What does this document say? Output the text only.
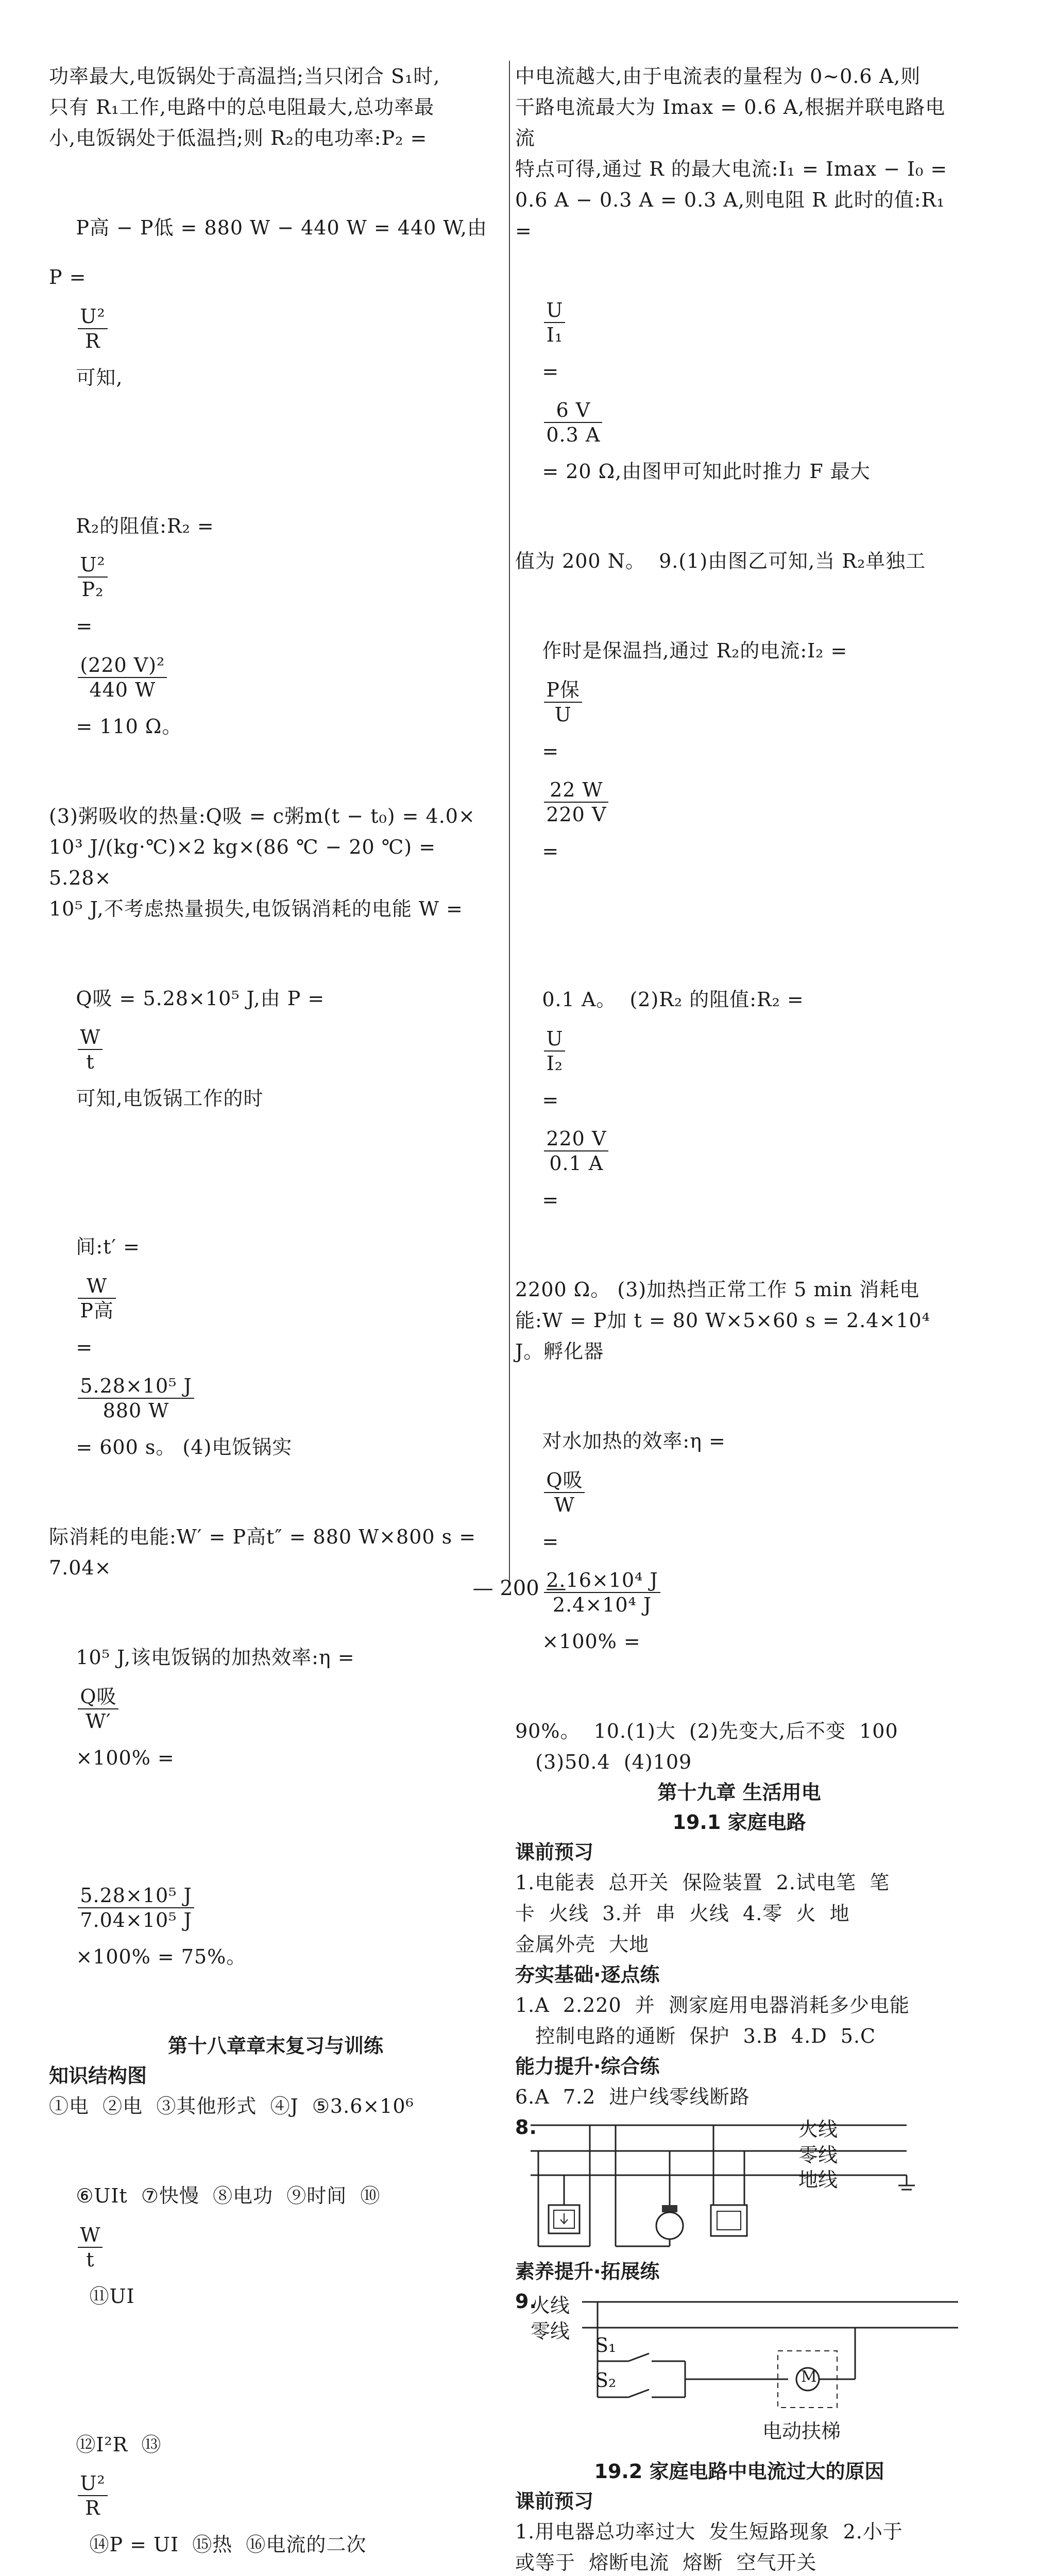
功率最大,电饭锅处于高温挡;当只闭合 S₁时,
只有 R₁工作,电路中的总电阻最大,总功率最
小,电饭锅处于低温挡;则 R₂的电功率:P₂ =

P高 − P低 = 880 W − 440 W = 440 W,由 P =

$\frac{\text{U²}}{R}$

可知,

R₂的阻值:R₂ =

$\frac{\text{U²}}{\text{P₂}}$

=

$\frac{\text{(220 V)²}}{440 W}$

= 110 Ω。

(3)粥吸收的热量:Q吸 = c粥m(t − t₀) = 4.0×
10³ J/(kg·℃)×2 kg×(86 ℃ − 20 ℃) = 5.28×
10⁵ J,不考虑热量损失,电饭锅消耗的电能 W =

Q吸 = 5.28×10⁵ J,由 P =

$\frac{W}{t}$

可知,电饭锅工作的时

间:t′ =

$\frac{W}{\text{P高}}$

=

$\frac{\text{5.28×10⁵ J}}{880 W}$

= 600 s。 (4)电饭锅实

际消耗的电能:W′ = P高t″ = 880 W×800 s = 7.04×

10⁵ J,该电饭锅的加热效率:η =

$\frac{\text{Q吸}}{W'}$

×100% =

$\frac{\text{5.28×10⁵ J}}{\text{7.04×10⁵ J}}$

×100% = 75%。

第十八章章末复习与训练
知识结构图
①电  ②电  ③其他形式  ④J  ⑤3.6×10⁶

⑥UIt  ⑦快慢  ⑧电功  ⑨时间  ⑩

$\frac{W}{t}$

⑪UI

⑫I²R  ⑬

$\frac{\text{U²}}{R}$

⑭P = UI  ⑮热  ⑯电流的二次

中电流越大,由于电流表的量程为 0~0.6 A,则
干路电流最大为 Imax = 0.6 A,根据并联电路电流
特点可得,通过 R 的最大电流:I₁ = Imax − I₀ =
0.6 A − 0.3 A = 0.3 A,则电阻 R 此时的值:R₁ =

$\frac{U}{\text{I₁}}$

=

$\frac{6 V}{0.3 A}$

= 20 Ω,由图甲可知此时推力 F 最大

值为 200 N。  9.(1)由图乙可知,当 R₂单独工

作时是保温挡,通过 R₂的电流:I₂ =

$\frac{\text{P保}}{U}$

=

$\frac{22 W}{220 V}$

=

0.1 A。  (2)R₂ 的阻值:R₂ =

$\frac{U}{\text{I₂}}$

=

$\frac{220 V}{0.1 A}$

=

2200 Ω。 (3)加热挡正常工作 5 min 消耗电
能:W = P加 t = 80 W×5×60 s = 2.4×10⁴ J。孵化器

对水加热的效率:η =

$\frac{\text{Q吸}}{W}$

=

$\frac{\text{2.16×10⁴ J}}{\text{2.4×10⁴ J}}$

×100% =

90%。  10.(1)大  (2)先变大,后不变  100
(3)50.4  (4)109
第十九章 生活用电
19.1 家庭电路
课前预习
1.电能表  总开关  保险装置  2.试电笔  笔
卡  火线  3.并  串  火线  4.零  火  地
金属外壳  大地
夯实基础·逐点练
1.A  2.220  并  测家庭用电器消耗多少电能
控制电路的通断  保护  3.B  4.D  5.C
能力提升·综合练
6.A  7.2  进户线零线断路
8.	火线
零线
地线
素养提升·拓展练
9.
火线
零线
S₁
S₂	M
电动扶梯
19.2 家庭电路中电流过大的原因
课前预习
1.用电器总功率过大  发生短路现象  2.小于
或等于  熔断电流  熔断  空气开关
— 200 —
